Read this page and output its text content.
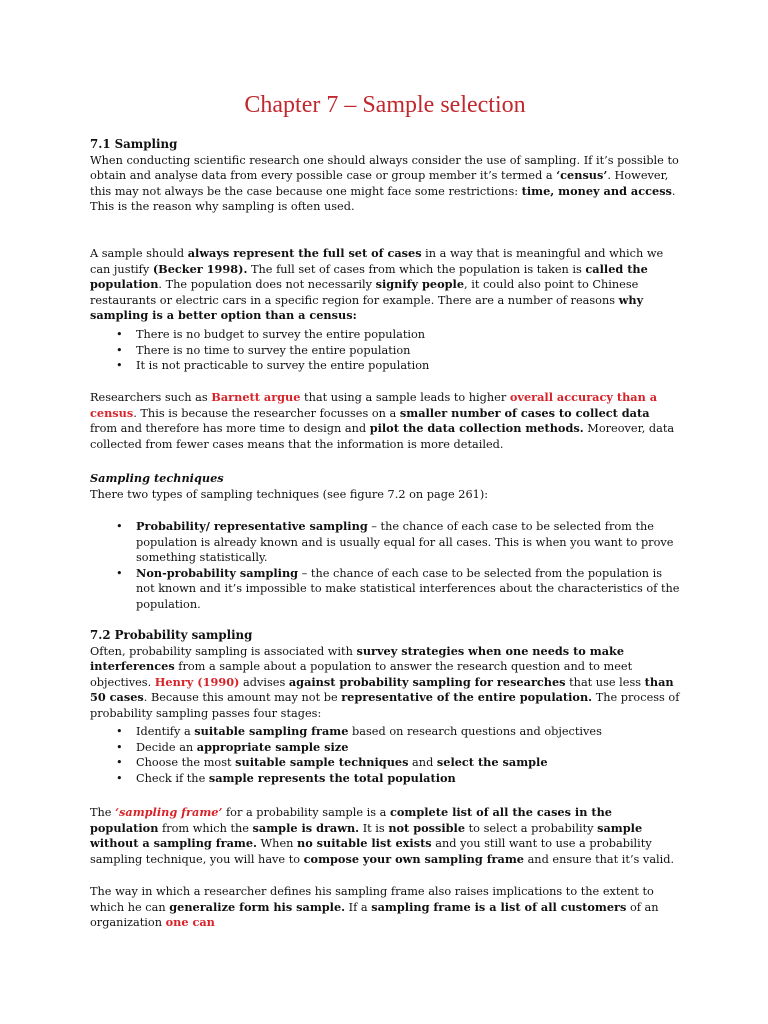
Chapter 7 – Sample selection
7.1 Sampling

When conducting scientific research one should always consider the use of sampling. If it’s possible to obtain and analyse data from every possible case or group member it’s termed a ‘census’. However, this may not always be the case because one might face some restrictions: time, money and access. This is the reason why sampling is often used.

A sample should always represent the full set of cases in a way that is meaningful and which we can justify (Becker 1998). The full set of cases from which the population is taken is called the population. The population does not necessarily signify people, it could also point to Chinese restaurants or electric cars in a specific region for example. There are a number of reasons why sampling is a better option than a census:

• There is no budget to survey the entire population
• There is no time to survey the entire population
• It is not practicable to survey the entire population

Researchers such as Barnett argue that using a sample leads to higher overall accuracy than a census. This is because the researcher focusses on a smaller number of cases to collect data from and therefore has more time to design and pilot the data collection methods. Moreover, data collected from fewer cases means that the information is more detailed.

Sampling techniques

There two types of sampling techniques (see figure 7.2 on page 261):

• Probability/ representative sampling – the chance of each case to be selected from the population is already known and is usually equal for all cases. This is when you want to prove something statistically.
• Non-probability sampling – the chance of each case to be selected from the population is not known and it’s impossible to make statistical interferences about the characteristics of the population.
7.2 Probability sampling

Often, probability sampling is associated with survey strategies when one needs to make interferences from a sample about a population to answer the research question and to meet objectives. Henry (1990) advises against probability sampling for researches that use less than 50 cases. Because this amount may not be representative of the entire population. The process of probability sampling passes four stages:

• Identify a suitable sampling frame based on research questions and objectives
• Decide an appropriate sample size
• Choose the most suitable sample techniques and select the sample
• Check if the sample represents the total population

The ‘sampling frame’ for a probability sample is a complete list of all the cases in the population from which the sample is drawn. It is not possible to select a probability sample without a sampling frame. When no suitable list exists and you still want to use a probability sampling technique, you will have to compose your own sampling frame and ensure that it’s valid.

The way in which a researcher defines his sampling frame also raises implications to the extent to which he can generalize form his sample. If a sampling frame is a list of all customers of an organization one can
